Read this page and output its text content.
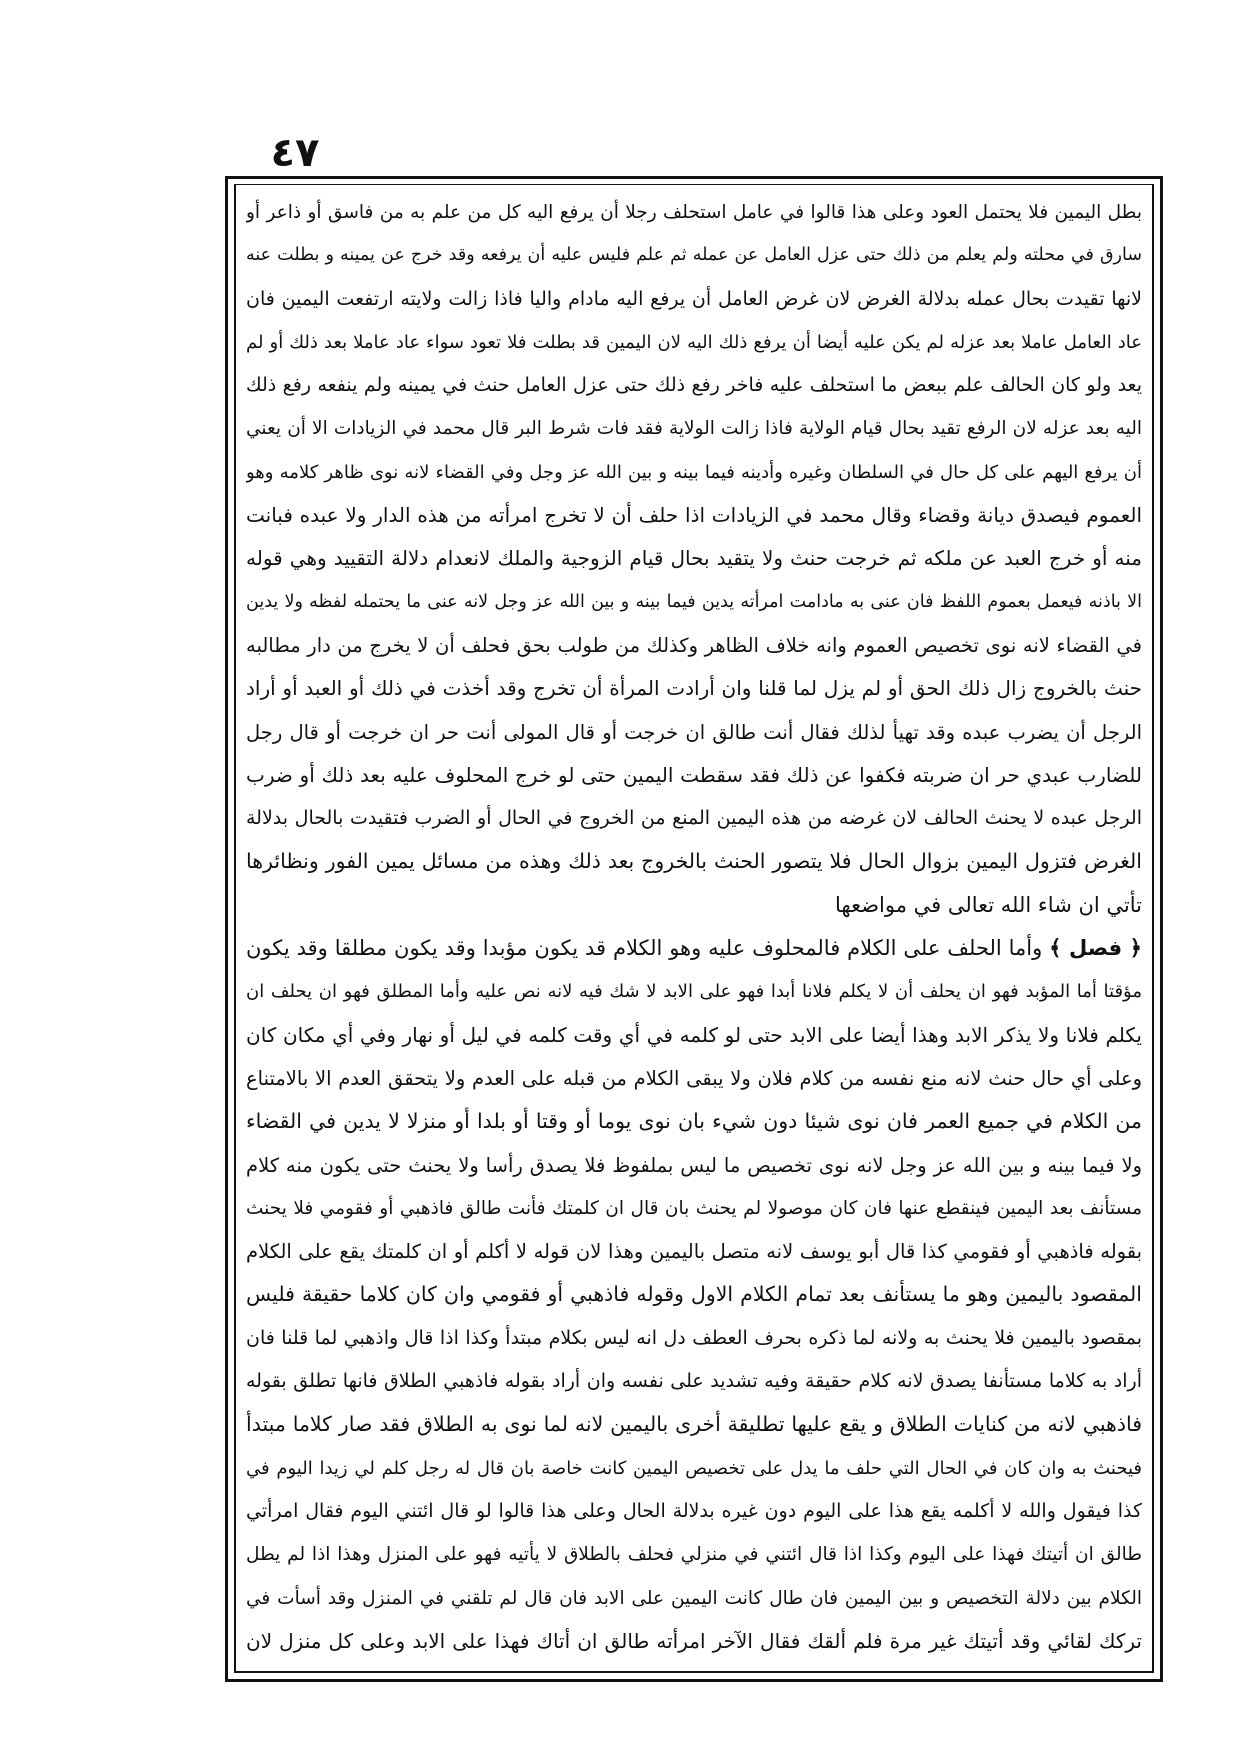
٤٧
بطل اليمين فلا يحتمل العود وعلى هذا قالوا في عامل استحلف رجلا أن يرفع اليه كل من علم به من فاسق أو ذاعر أو
سارق في محلته ولم يعلم من ذلك حتى عزل العامل عن عمله ثم علم فليس عليه أن يرفعه وقد خرج عن يمينه و بطلت عنه
لانها تقيدت بحال عمله بدلالة الغرض لان غرض العامل أن يرفع اليه مادام واليا فاذا زالت ولايته ارتفعت اليمين فان
عاد العامل عاملا بعد عزله لم يكن عليه أيضا أن يرفع ذلك اليه لان اليمين قد بطلت فلا تعود سواء عاد عاملا بعد ذلك أو لم
يعد ولو كان الحالف علم ببعض ما استحلف عليه فاخر رفع ذلك حتى عزل العامل حنث في يمينه ولم ينفعه رفع ذلك
اليه بعد عزله لان الرفع تقيد بحال قيام الولاية فاذا زالت الولاية فقد فات شرط البر قال محمد في الزيادات الا أن يعني
أن يرفع اليهم على كل حال في السلطان وغيره وأدينه فيما بينه و بين الله عز وجل وفي القضاء لانه نوى ظاهر كلامه وهو
العموم فيصدق ديانة وقضاء وقال محمد في الزيادات اذا حلف أن لا تخرج امرأته من هذه الدار ولا عبده فبانت
منه أو خرج العبد عن ملكه ثم خرجت حنث ولا يتقيد بحال قيام الزوجية والملك لانعدام دلالة التقييد وهي قوله
الا باذنه فيعمل بعموم اللفظ فان عنى به مادامت امرأته يدين فيما بينه و بين الله عز وجل لانه عنى ما يحتمله لفظه ولا يدين
في القضاء لانه نوى تخصيص العموم وانه خلاف الظاهر وكذلك من طولب بحق فحلف أن لا يخرج من دار مطالبه
حنث بالخروج زال ذلك الحق أو لم يزل لما قلنا وان أرادت المرأة أن تخرج وقد أخذت في ذلك أو العبد أو أراد
الرجل أن يضرب عبده وقد تهيأ لذلك فقال أنت طالق ان خرجت أو قال المولى أنت حر ان خرجت أو قال رجل
للضارب عبدي حر ان ضربته فكفوا عن ذلك فقد سقطت اليمين حتى لو خرج المحلوف عليه بعد ذلك أو ضرب
الرجل عبده لا يحنث الحالف لان غرضه من هذه اليمين المنع من الخروج في الحال أو الضرب فتقيدت بالحال بدلالة
الغرض فتزول اليمين بزوال الحال فلا يتصور الحنث بالخروج بعد ذلك وهذه من مسائل يمين الفور ونظائرها
تأتي ان شاء الله تعالى في مواضعها
﴿ فصل ﴾ وأما الحلف على الكلام فالمحلوف عليه وهو الكلام قد يكون مؤبدا وقد يكون مطلقا وقد يكون
مؤقتا أما المؤبد فهو ان يحلف أن لا يكلم فلانا أبدا فهو على الابد لا شك فيه لانه نص عليه وأما المطلق فهو ان يحلف ان
يكلم فلانا ولا يذكر الابد وهذا أيضا على الابد حتى لو كلمه في أي وقت كلمه في ليل أو نهار وفي أي مكان كان
وعلى أي حال حنث لانه منع نفسه من كلام فلان ولا يبقى الكلام من قبله على العدم ولا يتحقق العدم الا بالامتناع
من الكلام في جميع العمر فان نوى شيئا دون شيء بان نوى يوما أو وقتا أو بلدا أو منزلا لا يدين في القضاء
ولا فيما بينه و بين الله عز وجل لانه نوى تخصيص ما ليس بملفوظ فلا يصدق رأسا ولا يحنث حتى يكون منه كلام
مستأنف بعد اليمين فينقطع عنها فان كان موصولا لم يحنث بان قال ان كلمتك فأنت طالق فاذهبي أو فقومي فلا يحنث
بقوله فاذهبي أو فقومي كذا قال أبو يوسف لانه متصل باليمين وهذا لان قوله لا أكلم أو ان كلمتك يقع على الكلام
المقصود باليمين وهو ما يستأنف بعد تمام الكلام الاول وقوله فاذهبي أو فقومي وان كان كلاما حقيقة فليس
بمقصود باليمين فلا يحنث به ولانه لما ذكره بحرف العطف دل انه ليس بكلام مبتدأ وكذا اذا قال واذهبي لما قلنا فان
أراد به كلاما مستأنفا يصدق لانه كلام حقيقة وفيه تشديد على نفسه وان أراد بقوله فاذهبي الطلاق فانها تطلق بقوله
فاذهبي لانه من كنايات الطلاق و يقع عليها تطليقة أخرى باليمين لانه لما نوى به الطلاق فقد صار كلاما مبتدأ
فيحنث به وان كان في الحال التي حلف ما يدل على تخصيص اليمين كانت خاصة بان قال له رجل كلم لي زيدا اليوم في
كذا فيقول والله لا أكلمه يقع هذا على اليوم دون غيره بدلالة الحال وعلى هذا قالوا لو قال ائتني اليوم فقال امرأتي
طالق ان أتيتك فهذا على اليوم وكذا اذا قال ائتني في منزلي فحلف بالطلاق لا يأتيه فهو على المنزل وهذا اذا لم يطل
الكلام بين دلالة التخصيص و بين اليمين فان طال كانت اليمين على الابد فان قال لم تلقني في المنزل وقد أسأت في
تركك لقائي وقد أتيتك غير مرة فلم ألقك فقال الآخر امرأته طالق ان أتاك فهذا على الابد وعلى كل منزل لان
